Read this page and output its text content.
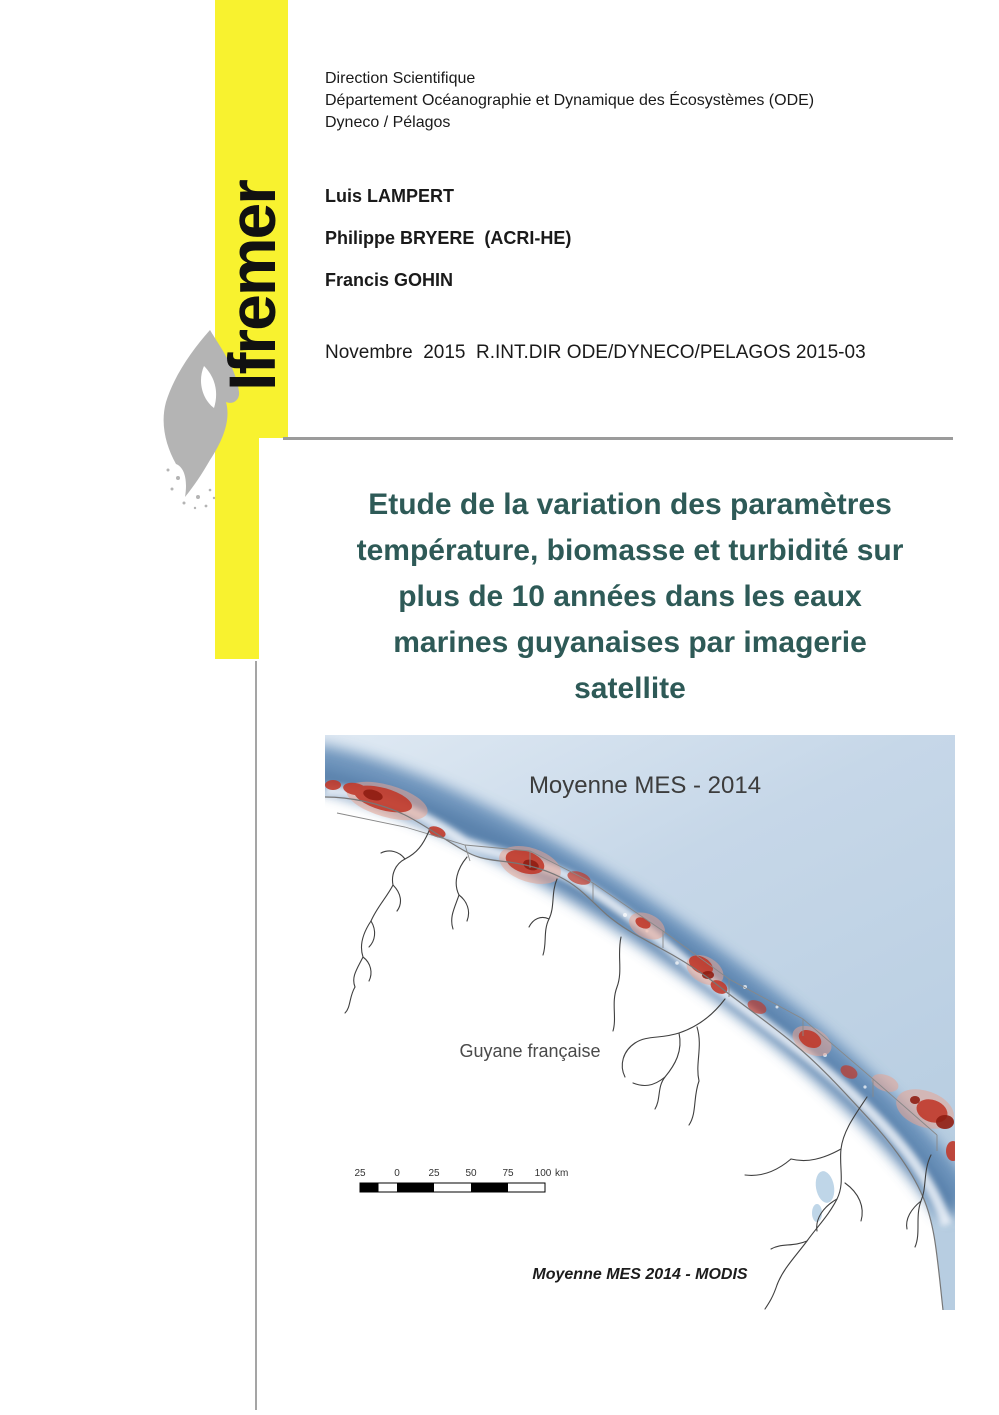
Ifremer

Direction Scientifique

Département Océanographie et Dynamique des Écosystèmes (ODE)

Dyneco / Pélagos

Luis LAMPERT

Philippe BRYERE  (ACRI-HE)

Francis GOHIN

Novembre  2015  R.INT.DIR ODE/DYNECO/PELAGOS 2015-03
Etude de la variation des paramètres
température, biomasse et turbidité sur
plus de 10 années dans les eaux
marines guyanaises par imagerie
satellite
Moyenne MES - 2014
Guyane française
25	0	25	50	75 100 km
Moyenne MES 2014 - MODIS
